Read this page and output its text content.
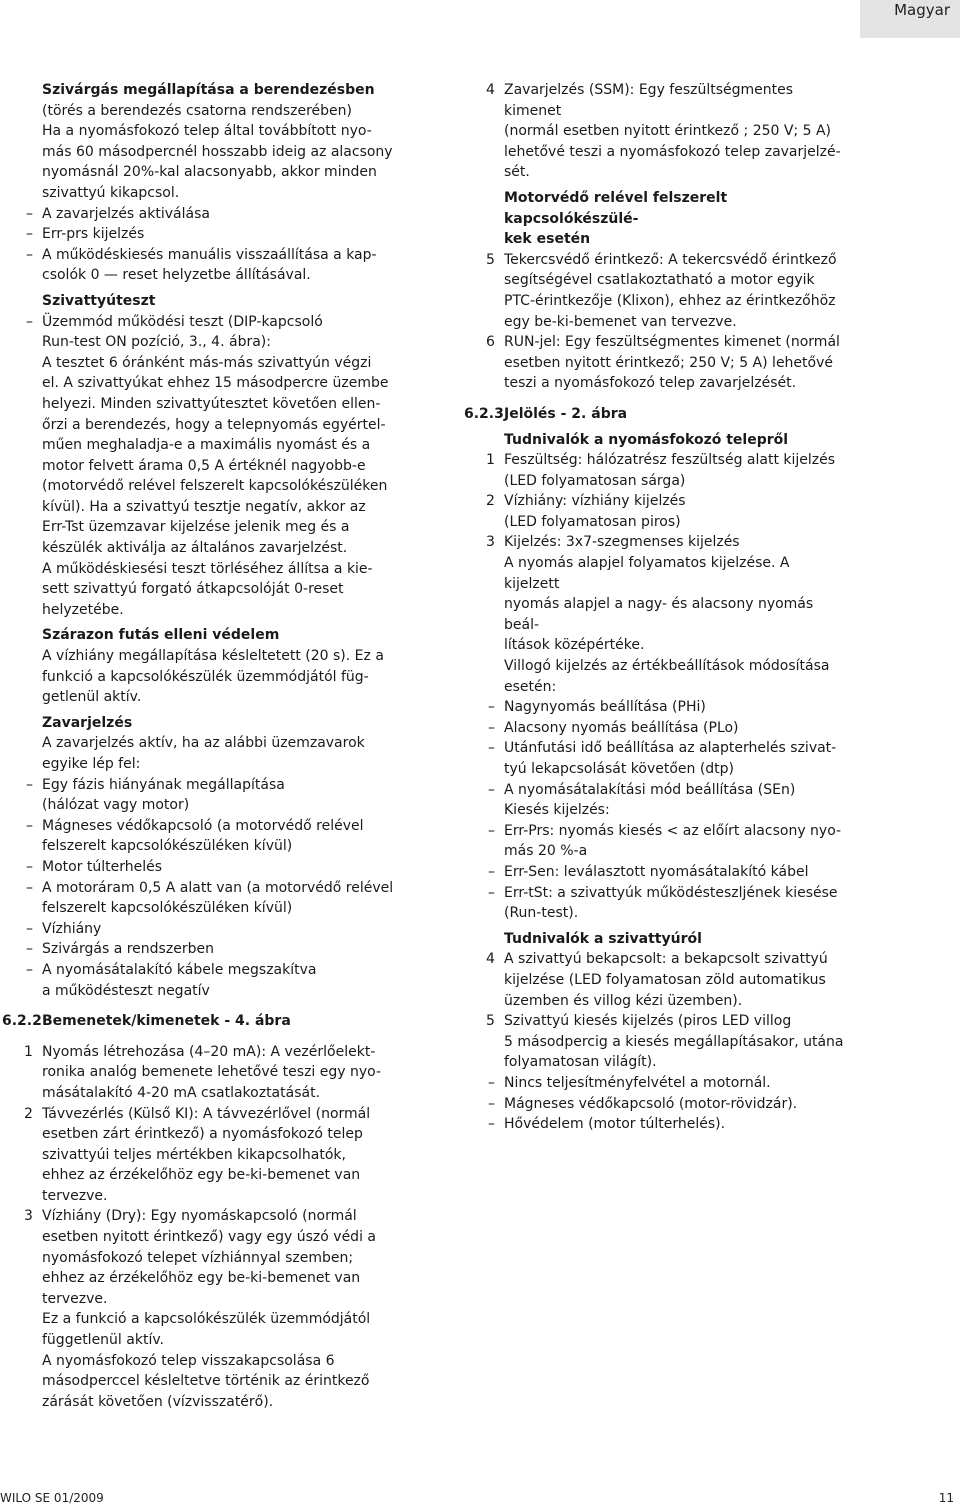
Magyar
Szivárgás megállapítása a berendezésben
(törés a berendezés csatorna rendszerében)
Ha a nyomásfokozó telep által továbbított nyo-
más 60 másodpercnél hosszabb ideig az alacsony
nyomásnál 20%-kal alacsonyabb, akkor minden
szivattyú kikapcsol.
– A zavarjelzés aktiválása
– Err-prs kijelzés
– A működéskiesés manuális visszaállítása a kap-
csolók 0 — reset helyzetbe állításával.
Szivattyúteszt
– Üzemmód működési teszt (DIP-kapcsoló
Run-test ON pozíció, 3., 4. ábra):
A tesztet 6 óránként más-más szivattyún végzi
el. A szivattyúkat ehhez 15 másodpercre üzembe
helyezi. Minden szivattyútesztet követően ellen-
őrzi a berendezés, hogy a telepnyomás egyértel-
műen meghaladja-e a maximális nyomást és a
motor felvett árama 0,5 A értéknél nagyobb-e
(motorvédő relével felszerelt kapcsolókészüléken
kívül). Ha a szivattyú tesztje negatív, akkor az
Err-Tst üzemzavar kijelzése jelenik meg és a
készülék aktiválja az általános zavarjelzést.
A működéskiesési teszt törléséhez állítsa a kie-
sett szivattyú forgató átkapcsolóját 0-reset
helyzetébe.
Szárazon futás elleni védelem
A vízhiány megállapítása késleltetett (20 s). Ez a
funkció a kapcsolókészülék üzemmódjától füg-
getlenül aktív.
Zavarjelzés
A zavarjelzés aktív, ha az alábbi üzemzavarok
egyike lép fel:
– Egy fázis hiányának megállapítása
(hálózat vagy motor)
– Mágneses védőkapcsoló (a motorvédő relével
felszerelt kapcsolókészüléken kívül)
– Motor túlterhelés
– A motoráram 0,5 A alatt van (a motorvédő relével
felszerelt kapcsolókészüléken kívül)
– Vízhiány
– Szivárgás a rendszerben
– A nyomásátalakító kábele megszakítva
a működésteszt negatív
6.2.2 Bemenetek/kimenetek - 4. ábra
1 Nyomás létrehozása (4–20 mA): A vezérlőelekt-
ronika analóg bemenete lehetővé teszi egy nyo-
másátalakító 4-20 mA csatlakoztatását.
2 Távvezérlés (Külső KI): A távvezérlővel (normál
esetben zárt érintkező) a nyomásfokozó telep
szivattyúi teljes mértékben kikapcsolhatók,
ehhez az érzékelőhöz egy be-ki-bemenet van
tervezve.
3 Vízhiány (Dry): Egy nyomáskapcsoló (normál
esetben nyitott érintkező) vagy egy úszó védi a
nyomásfokozó telepet vízhiánnyal szemben;
ehhez az érzékelőhöz egy be-ki-bemenet van
tervezve.
Ez a funkció a kapcsolókészülék üzemmódjától
függetlenül aktív.
A nyomásfokozó telep visszakapcsolása 6
másodperccel késleltetve történik az érintkező
zárását követően (vízvisszatérő).
4 Zavarjelzés (SSM): Egy feszültségmentes kimenet
(normál esetben nyitott érintkező ; 250 V; 5 A)
lehetővé teszi a nyomásfokozó telep zavarjelzé-
sét.
Motorvédő relével felszerelt kapcsolókészülé-
kek esetén
5 Tekercsvédő érintkező: A tekercsvédő érintkező
segítségével csatlakoztatható a motor egyik
PTC-érintkezője (Klixon), ehhez az érintkezőhöz
egy be-ki-bemenet van tervezve.
6 RUN-jel: Egy feszültségmentes kimenet (normál
esetben nyitott érintkező; 250 V; 5 A) lehetővé
teszi a nyomásfokozó telep zavarjelzését.
6.2.3 Jelölés - 2. ábra
Tudnivalók a nyomásfokozó telepről
1 Feszültség: hálózatrész feszültség alatt kijelzés
(LED folyamatosan sárga)
2 Vízhiány: vízhiány kijelzés
(LED folyamatosan piros)
3 Kijelzés: 3x7-szegmenses kijelzés
A nyomás alapjel folyamatos kijelzése. A kijelzett
nyomás alapjel a nagy- és alacsony nyomás beál-
lítások középértéke.
Villogó kijelzés az értékbeállítások módosítása
esetén:
– Nagynyomás beállítása (PHi)
– Alacsony nyomás beállítása (PLo)
– Utánfutási idő beállítása az alapterhelés szivat-
tyú lekapcsolását követően (dtp)
– A nyomásátalakítási mód beállítása (SEn)
Kiesés kijelzés:
– Err-Prs: nyomás kiesés < az előírt alacsony nyo-
más 20 %-a
– Err-Sen: leválasztott nyomásátalakító kábel
– Err-tSt: a szivattyúk működésteszljének kiesése
(Run-test).
Tudnivalók a szivattyúról
4 A szivattyú bekapcsolt: a bekapcsolt szivattyú
kijelzése (LED folyamatosan zöld automatikus
üzemben és villog kézi üzemben).
5 Szivattyú kiesés kijelzés (piros LED villog
5 másodpercig a kiesés megállapításakor, utána
folyamatosan világít).
– Nincs teljesítményfelvétel a motornál.
– Mágneses védőkapcsoló (motor-rövidzár).
– Hővédelem (motor túlterhelés).
WILO SE 01/2009	11
